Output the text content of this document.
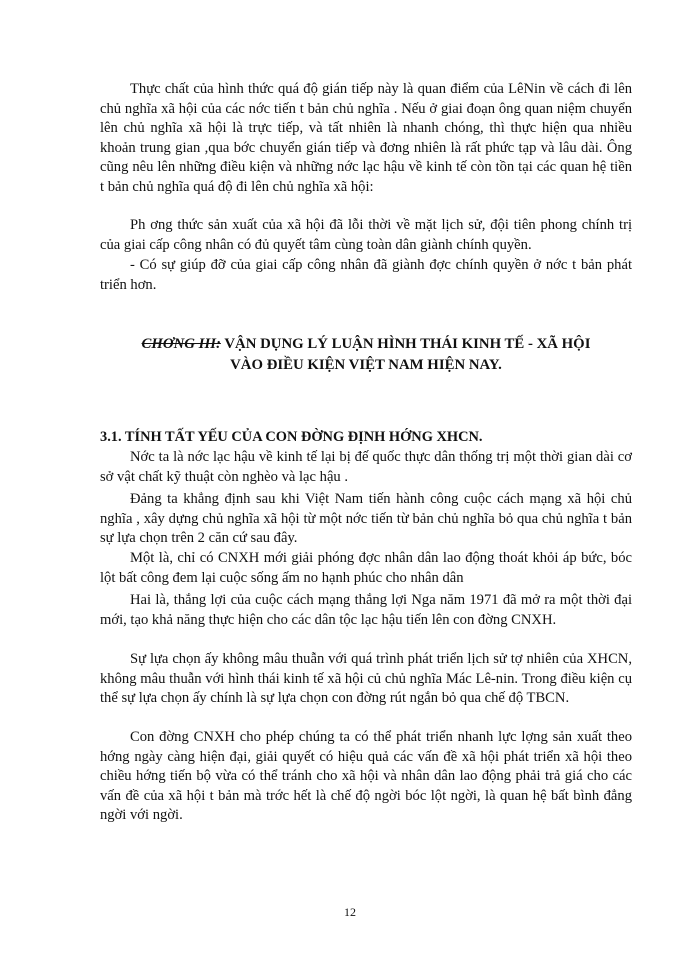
Thực chất của hình thức quá độ gián tiếp này là quan điểm của LêNin về cách đi lên chủ nghĩa xã hội của các nớc tiến t bản chủ nghĩa . Nếu ở giai đoạn ông quan niệm chuyển lên chủ nghĩa xã hội là trực tiếp, và tất nhiên là nhanh chóng, thì thực hiện qua nhiều khoản trung gian ,qua bớc chuyển gián tiếp và đơng nhiên là rất phức tạp và lâu dài. Ông cũng nêu lên những điều kiện và những nớc lạc hậu về kinh tế còn tồn tại các quan hệ tiền t bản chủ nghĩa quá độ đi lên chủ nghĩa xã hội:

Ph ơng thức sản xuất của xã hội đã lỗi thời về mặt lịch sử, đội tiên phong chính trị của giai cấp công nhân có đủ quyết tâm cùng toàn dân giành chính quyền.

- Có sự giúp đỡ của giai cấp công nhân đã giành đợc chính quyền ở nớc t bản phát triển hơn.

CHƠNG III: VẬN DỤNG LÝ LUẬN HÌNH THÁI KINH TẾ - XÃ HỘI
VÀO ĐIỀU KIỆN VIỆT NAM HIỆN NAY.
3.1. TÍNH TẤT YẾU CỦA CON ĐỜNG ĐỊNH HỚNG XHCN.

Nớc ta là nớc lạc hậu về kinh tế lại bị đế quốc thực dân thống trị một thời gian dài cơ sở vật chất kỹ thuật còn nghèo và lạc hậu .

Đảng ta khẳng định sau khi Việt Nam tiến hành công cuộc cách mạng xã hội chủ nghĩa , xây dựng chủ nghĩa xã hội từ một nớc tiến từ bản chủ nghĩa bỏ qua chủ nghĩa t bản sự lựa chọn trên 2 căn cứ sau đây.

Một là, chỉ có CNXH mới giải phóng đợc nhân dân lao động thoát khỏi áp bức, bóc lột bất công đem lại cuộc sống ấm no hạnh phúc cho nhân dân

Hai là, thắng lợi của cuộc cách mạng thắng lợi Nga năm 1971 đã mở ra một thời đại mới, tạo khả năng thực hiện cho các dân tộc lạc hậu tiến lên con đờng CNXH.

Sự lựa chọn ấy không mâu thuẫn với quá trình phát triển lịch sử tợ nhiên của XHCN, không mâu thuẫn với hình thái kinh tế xã hội củ chủ nghĩa Mác Lê-nin. Trong điều kiện cụ thể sự lựa chọn ấy chính là sự lựa chọn con đờng rút ngắn bỏ qua chế độ TBCN.

Con đờng CNXH cho phép chúng ta có thể phát triển nhanh lực lợng sản xuất theo hớng ngày càng hiện đại, giải quyết có hiệu quả các vấn đề xã hội phát triển xã hội theo chiều hớng tiến bộ vừa có thể tránh cho xã hội và nhân dân lao động phải trả giá cho các vấn đề của xã hội t bản mà trớc hết là chế độ ngời bóc lột ngời, là quan hệ bất bình đẳng ngời với ngời.

12
